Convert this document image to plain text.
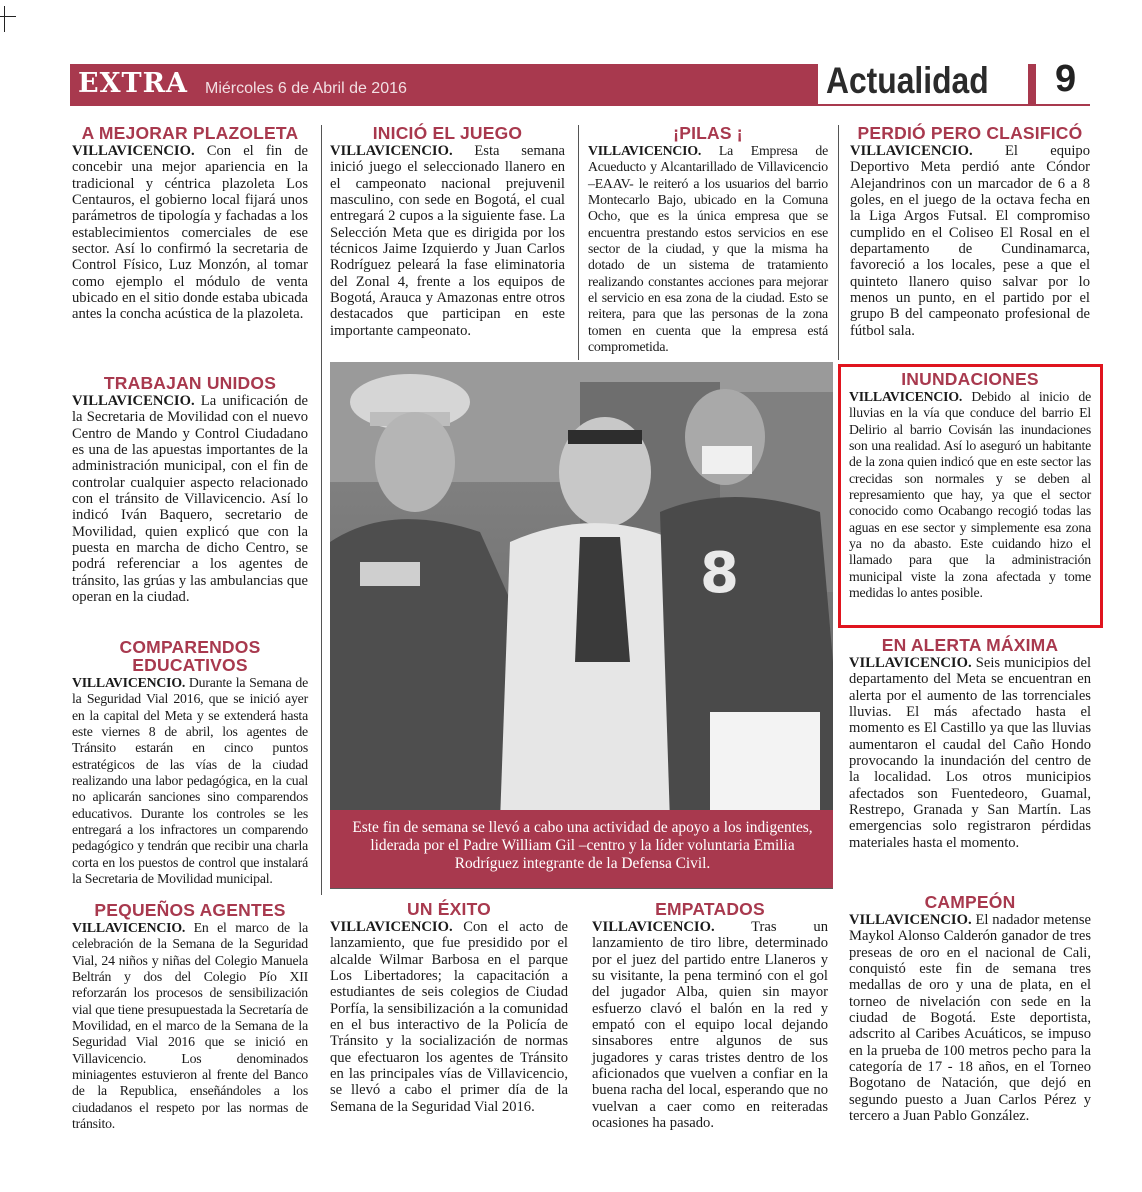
EXTRA Miércoles 6 de Abril de 2016	Actualidad 9
A MEJORAR PLAZOLETA

VILLAVICENCIO. Con el fin de concebir una mejor apariencia en la tradicional y céntrica plazoleta Los Centauros, el gobierno local fijará unos parámetros de tipología y fachadas a los establecimientos comerciales de ese sector. Así lo confirmó la secretaria de Control Físico, Luz Monzón, al tomar como ejemplo el módulo de venta ubicado en el sitio donde estaba ubicada antes la concha acústica de la plazoleta.

TRABAJAN UNIDOS

VILLAVICENCIO. La unificación de la Secretaria de Movilidad con el nuevo Centro de Mando y Control Ciudadano es una de las apuestas importantes de la administración municipal, con el fin de controlar cualquier aspecto relacionado con el tránsito de Villavicencio. Así lo indicó Iván Baquero, secretario de Movilidad, quien explicó que con la puesta en marcha de dicho Centro, se podrá referenciar a los agentes de tránsito, las grúas y las ambulancias que operan en la ciudad.

COMPARENDOS EDUCATIVOS

VILLAVICENCIO. Durante la Semana de la Seguridad Vial 2016, que se inició ayer en la capital del Meta y se extenderá hasta este viernes 8 de abril, los agentes de Tránsito estarán en cinco puntos estratégicos de las vías de la ciudad realizando una labor pedagógica, en la cual no aplicarán sanciones sino comparendos educativos. Durante los controles se les entregará a los infractores un comparendo pedagógico y tendrán que recibir una charla corta en los puestos de control que instalará la Secretaria de Movilidad municipal.

PEQUEÑOS AGENTES

VILLAVICENCIO. En el marco de la celebración de la Semana de la Seguridad Vial, 24 niños y niñas del Colegio Manuela Beltrán y dos del Colegio Pío XII reforzarán los procesos de sensibilización vial que tiene presupuestada la Secretaría de Movilidad, en el marco de la Semana de la Seguridad Vial 2016 que se inició en Villavicencio. Los denominados miniagentes estuvieron al frente del Banco de la Republica, enseñándoles a los ciudadanos el respeto por las normas de tránsito.

INICIÓ EL JUEGO

VILLAVICENCIO. Esta semana inició juego el seleccionado llanero en el campeonato nacional prejuvenil masculino, con sede en Bogotá, el cual entregará 2 cupos a la siguiente fase. La Selección Meta que es dirigida por los técnicos Jaime Izquierdo y Juan Carlos Rodríguez peleará la fase eliminatoria del Zonal 4, frente a los equipos de Bogotá, Arauca y Amazonas entre otros destacados que participan en este importante campeonato.

¡PILAS ¡

VILLAVICENCIO. La Empresa de Acueducto y Alcantarillado de Villavicencio –EAAV- le reiteró a los usuarios del barrio Montecarlo Bajo, ubicado en la Comuna Ocho, que es la única empresa que se encuentra prestando estos servicios en ese sector de la ciudad, y que la misma ha dotado de un sistema de tratamiento realizando constantes acciones para mejorar el servicio en esa zona de la ciudad. Esto se reitera, para que las personas de la zona tomen en cuenta que la empresa está comprometida.

PERDIÓ PERO CLASIFICÓ

VILLAVICENCIO. El equipo Deportivo Meta perdió ante Cóndor Alejandrinos con un marcador de 6 a 8 goles, en el juego de la octava fecha en la Liga Argos Futsal. El compromiso cumplido en el Coliseo El Rosal en el departamento de Cundinamarca, favoreció a los locales, pese a que el quinteto llanero quiso salvar por lo menos un punto, en el partido por el grupo B del campeonato profesional de fútbol sala.

INUNDACIONES

VILLAVICENCIO. Debido al inicio de lluvias en la vía que conduce del barrio El Delirio al barrio Covisán las inundaciones son una realidad. Así lo aseguró un habitante de la zona quien indicó que en este sector las crecidas son normales y se deben al represamiento que hay, ya que el sector conocido como Ocabango recogió todas las aguas en ese sector y simplemente esa zona ya no da abasto. Este cuidando hizo el llamado para que la administración municipal viste la zona afectada y tome medidas lo antes posible.

EN ALERTA MÁXIMA

VILLAVICENCIO. Seis municipios del departamento del Meta se encuentran en alerta por el aumento de las torrenciales lluvias. El más afectado hasta el momento es El Castillo ya que las lluvias aumentaron el caudal del Caño Hondo provocando la inundación del centro de la localidad. Los otros municipios afectados son Fuentedeoro, Guamal, Restrepo, Granada y San Martín. Las emergencias solo registraron pérdidas materiales hasta el momento.

CAMPEÓN

VILLAVICENCIO. El nadador metense Maykol Alonso Calderón ganador de tres preseas de oro en el nacional de Cali, conquistó este fin de semana tres medallas de oro y una de plata, en el torneo de nivelación con sede en la ciudad de Bogotá. Este deportista, adscrito al Caribes Acuáticos, se impuso en la prueba de 100 metros pecho para la categoría de 17 - 18 años, en el Torneo Bogotano de Natación, que dejó en segundo puesto a Juan Carlos Pérez y tercero a Juan Pablo González.

8
Este fin de semana se llevó a cabo una actividad de apoyo a los indigentes, liderada por el Padre William Gil –centro y la líder voluntaria Emilia Rodríguez integrante de la Defensa Civil.
UN ÉXITO

VILLAVICENCIO. Con el acto de lanzamiento, que fue presidido por el alcalde Wilmar Barbosa en el parque Los Libertadores; la capacitación a estudiantes de seis colegios de Ciudad Porfía, la sensibilización a la comunidad en el bus interactivo de la Policía de Tránsito y la socialización de normas que efectuaron los agentes de Tránsito en las principales vías de Villavicencio, se llevó a cabo el primer día de la Semana de la Seguridad Vial 2016.

EMPATADOS

VILLAVICENCIO. Tras un lanzamiento de tiro libre, determinado por el juez del partido entre Llaneros y su visitante, la pena terminó con el gol del jugador Alba, quien sin mayor esfuerzo clavó el balón en la red y empató con el equipo local dejando sinsabores entre algunos de sus jugadores y caras tristes dentro de los aficionados que vuelven a confiar en la buena racha del local, esperando que no vuelvan a caer como en reiteradas ocasiones ha pasado.
